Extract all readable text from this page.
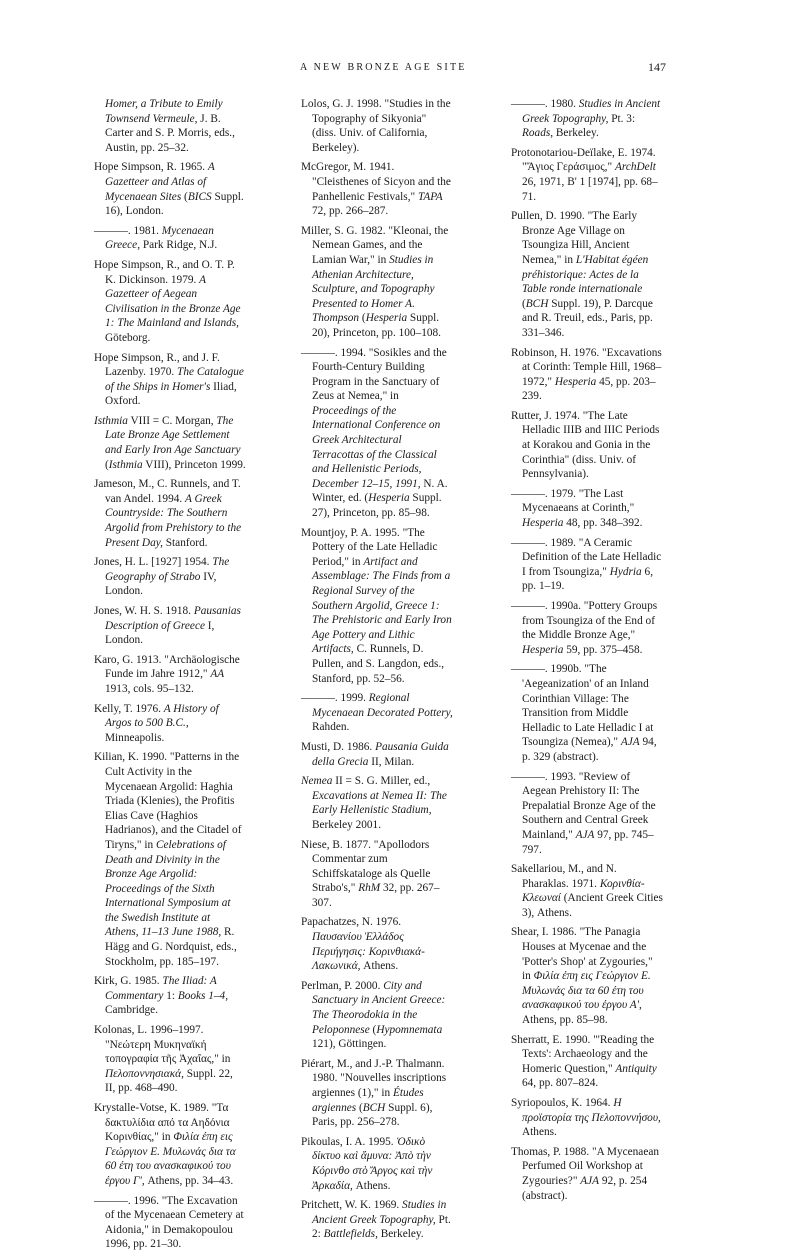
A NEW BRONZE AGE SITE	147

Homer, a Tribute to Emily Townsend Vermeule, J. B. Carter and S. P. Morris, eds., Austin, pp. 25–32.

Hope Simpson, R. 1965. A Gazetteer and Atlas of Mycenaean Sites (BICS Suppl. 16), London.

———. 1981. Mycenaean Greece, Park Ridge, N.J.

Hope Simpson, R., and O. T. P. K. Dickinson. 1979. A Gazetteer of Aegean Civilisation in the Bronze Age 1: The Mainland and Islands, Göteborg.

Hope Simpson, R., and J. F. Lazenby. 1970. The Catalogue of the Ships in Homer's Iliad, Oxford.

Isthmia VIII = C. Morgan, The Late Bronze Age Settlement and Early Iron Age Sanctuary (Isthmia VIII), Princeton 1999.

Jameson, M., C. Runnels, and T. van Andel. 1994. A Greek Countryside: The Southern Argolid from Prehistory to the Present Day, Stanford.

Jones, H. L. [1927] 1954. The Geography of Strabo IV, London.

Jones, W. H. S. 1918. Pausanias Description of Greece I, London.

Karo, G. 1913. "Archäologische Funde im Jahre 1912," AA 1913, cols. 95–132.

Kelly, T. 1976. A History of Argos to 500 B.C., Minneapolis.

Kilian, K. 1990. "Patterns in the Cult Activity in the Mycenaean Argolid: Haghia Triada (Klenies), the Profitis Elias Cave (Haghios Hadrianos), and the Citadel of Tiryns," in Celebrations of Death and Divinity in the Bronze Age Argolid: Proceedings of the Sixth International Symposium at the Swedish Institute at Athens, 11–13 June 1988, R. Hägg and G. Nordquist, eds., Stockholm, pp. 185–197.

Kirk, G. 1985. The Iliad: A Commentary 1: Books 1–4, Cambridge.

Kolonas, L. 1996–1997. "Νεώτερη Μυκηναϊκή τοπογραφία τῆς Ἀχαΐας," in Πελοποννησιακά, Suppl. 22, II, pp. 468–490.

Krystalle-Votse, K. 1989. "Τα δακτυλίδια από τα Αηδόνια Κορινθίας," in Φιλία έπη εις Γεώργιον Ε. Μυλωνάς δια τα 60 έτη του ανασκαφικού του έργου Γ', Athens, pp. 34–43.

———. 1996. "The Excavation of the Mycenaean Cemetery at Aidonia," in Demakopoulou 1996, pp. 21–30.

Lolos, G. J. 1998. "Studies in the Topography of Sikyonia" (diss. Univ. of California, Berkeley).

McGregor, M. 1941. "Cleisthenes of Sicyon and the Panhellenic Festivals," TAPA 72, pp. 266–287.

Miller, S. G. 1982. "Kleonai, the Nemean Games, and the Lamian War," in Studies in Athenian Architecture, Sculpture, and Topography Presented to Homer A. Thompson (Hesperia Suppl. 20), Princeton, pp. 100–108.

———. 1994. "Sosikles and the Fourth-Century Building Program in the Sanctuary of Zeus at Nemea," in Proceedings of the International Conference on Greek Architectural Terracottas of the Classical and Hellenistic Periods, December 12–15, 1991, N. A. Winter, ed. (Hesperia Suppl. 27), Princeton, pp. 85–98.

Mountjoy, P. A. 1995. "The Pottery of the Late Helladic Period," in Artifact and Assemblage: The Finds from a Regional Survey of the Southern Argolid, Greece 1: The Prehistoric and Early Iron Age Pottery and Lithic Artifacts, C. Runnels, D. Pullen, and S. Langdon, eds., Stanford, pp. 52–56.

———. 1999. Regional Mycenaean Decorated Pottery, Rahden.

Musti, D. 1986. Pausania Guida della Grecia II, Milan.

Nemea II = S. G. Miller, ed., Excavations at Nemea II: The Early Hellenistic Stadium, Berkeley 2001.

Niese, B. 1877. "Apollodors Commentar zum Schiffskataloge als Quelle Strabo's," RhM 32, pp. 267–307.

Papachatzes, N. 1976. Παυσανίου Ἑλλάδος Περιήγησις: Κορινθιακά-Λακωνικά, Athens.

Perlman, P. 2000. City and Sanctuary in Ancient Greece: The Theorodokia in the Peloponnese (Hypomnemata 121), Göttingen.

Piérart, M., and J.-P. Thalmann. 1980. "Nouvelles inscriptions argiennes (1)," in Études argiennes (BCH Suppl. 6), Paris, pp. 256–278.

Pikoulas, I. A. 1995. Ὁδικὸ δίκτυο καὶ ἄμυνα: Ἀπὸ τὴν Κόρινθο στὸ Ἄργος καὶ τὴν Ἀρκαδία, Athens.

Pritchett, W. K. 1969. Studies in Ancient Greek Topography, Pt. 2: Battlefields, Berkeley.

———. 1980. Studies in Ancient Greek Topography, Pt. 3: Roads, Berkeley.

Protonotariou-Deïlake, E. 1974. "Ἅγιος Γεράσιμος," ArchDelt 26, 1971, B' 1 [1974], pp. 68–71.

Pullen, D. 1990. "The Early Bronze Age Village on Tsoungiza Hill, Ancient Nemea," in L'Habitat égéen préhistorique: Actes de la Table ronde internationale (BCH Suppl. 19), P. Darcque and R. Treuil, eds., Paris, pp. 331–346.

Robinson, H. 1976. "Excavations at Corinth: Temple Hill, 1968–1972," Hesperia 45, pp. 203–239.

Rutter, J. 1974. "The Late Helladic IIIB and IIIC Periods at Korakou and Gonia in the Corinthia" (diss. Univ. of Pennsylvania).

———. 1979. "The Last Mycenaeans at Corinth," Hesperia 48, pp. 348–392.

———. 1989. "A Ceramic Definition of the Late Helladic I from Tsoungiza," Hydria 6, pp. 1–19.

———. 1990a. "Pottery Groups from Tsoungiza of the End of the Middle Bronze Age," Hesperia 59, pp. 375–458.

———. 1990b. "The 'Aegeanization' of an Inland Corinthian Village: The Transition from Middle Helladic to Late Helladic I at Tsoungiza (Nemea)," AJA 94, p. 329 (abstract).

———. 1993. "Review of Aegean Prehistory II: The Prepalatial Bronze Age of the Southern and Central Greek Mainland," AJA 97, pp. 745–797.

Sakellariou, M., and N. Pharaklas. 1971. Κορινθία-Κλεωναί (Ancient Greek Cities 3), Athens.

Shear, I. 1986. "The Panagia Houses at Mycenae and the 'Potter's Shop' at Zygouries," in Φιλία έπη εις Γεώργιον Ε. Μυλωνάς δια τα 60 έτη του ανασκαφικού του έργου Α', Athens, pp. 85–98.

Sherratt, E. 1990. "'Reading the Texts': Archaeology and the Homeric Question," Antiquity 64, pp. 807–824.

Syriopoulos, K. 1964. Η προϊστορία της Πελοποννήσου, Athens.

Thomas, P. 1988. "A Mycenaean Perfumed Oil Workshop at Zygouries?" AJA 92, p. 254 (abstract).
